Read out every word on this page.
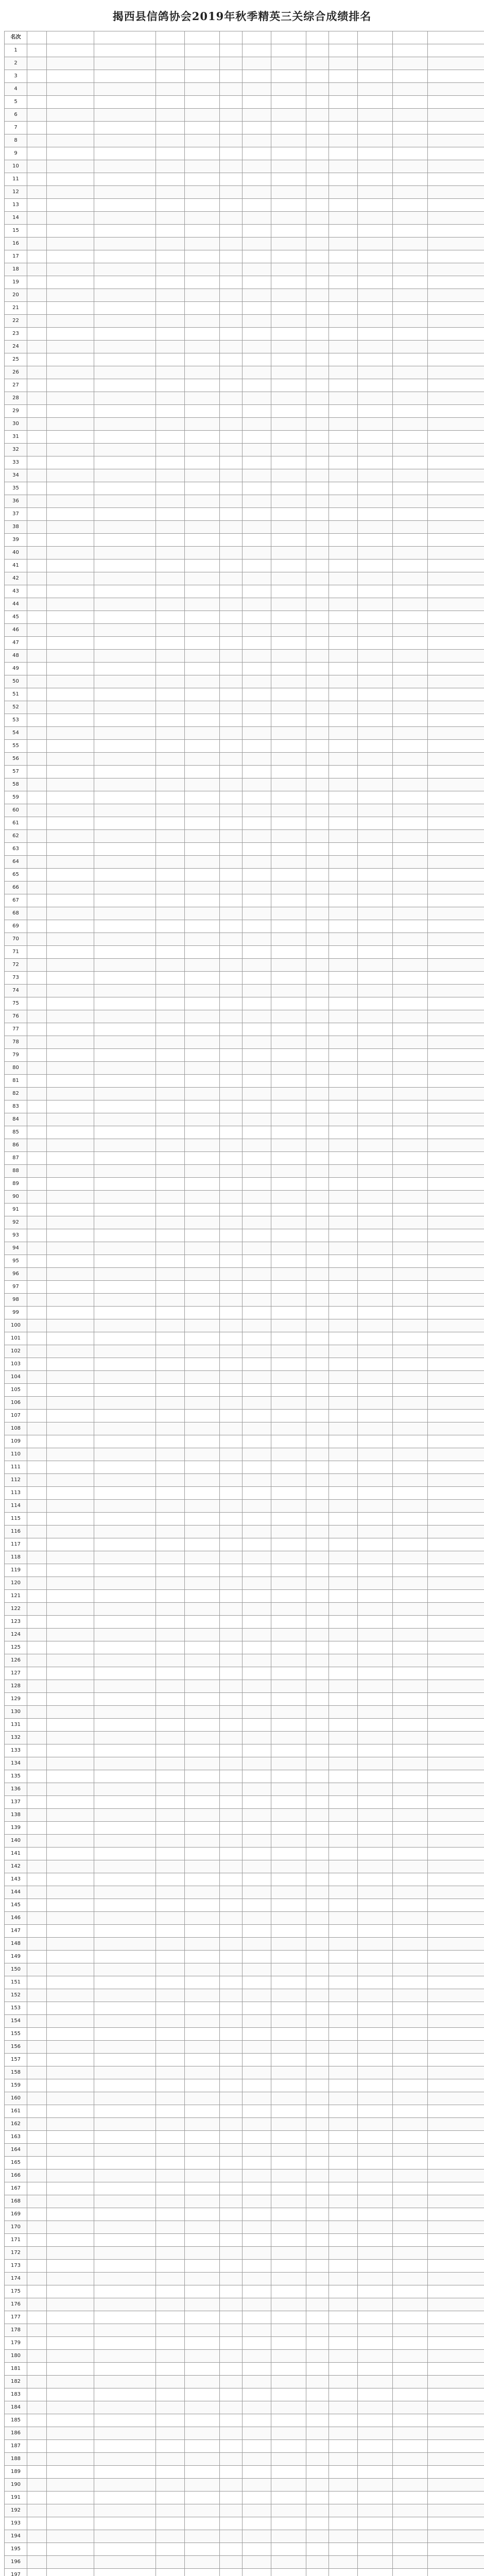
揭西县信鸽协会2019年秋季精英三关综合成绩排名
名次													
1													
2													
3													
4													
5													
6													
7													
8													
9													
10													
11													
12													
13													
14													
15													
16													
17													
18													
19													
20													
21													
22													
23													
24													
25													
26													
27													
28													
29													
30													
31													
32													
33													
34													
35													
36													
37													
38													
39													
40													
41													
42													
43													
44													
45													
46													
47													
48													
49													
50													
51													
52													
53													
54													
55													
56													
57													
58													
59													
60													
61													
62													
63													
64													
65													
66													
67													
68													
69													
70													
71													
72													
73													
74													
75													
76													
77													
78													
79													
80													
81													
82													
83													
84													
85													
86													
87													
88													
89													
90													
91													
92													
93													
94													
95													
96													
97													
98													
99													
100													
101													
102													
103													
104													
105													
106													
107													
108													
109													
110													
111													
112													
113													
114													
115													
116													
117													
118													
119													
120													
121													
122													
123													
124													
125													
126													
127													
128													
129													
130													
131													
132													
133													
134													
135													
136													
137													
138													
139													
140													
141													
142													
143													
144													
145													
146													
147													
148													
149													
150													
151													
152													
153													
154													
155													
156													
157													
158													
159													
160													
161													
162													
163													
164													
165													
166													
167													
168													
169													
170													
171													
172													
173													
174													
175													
176													
177													
178													
179													
180													
181													
182													
183													
184													
185													
186													
187													
188													
189													
190													
191													
192													
193													
194													
195													
196													
197													
